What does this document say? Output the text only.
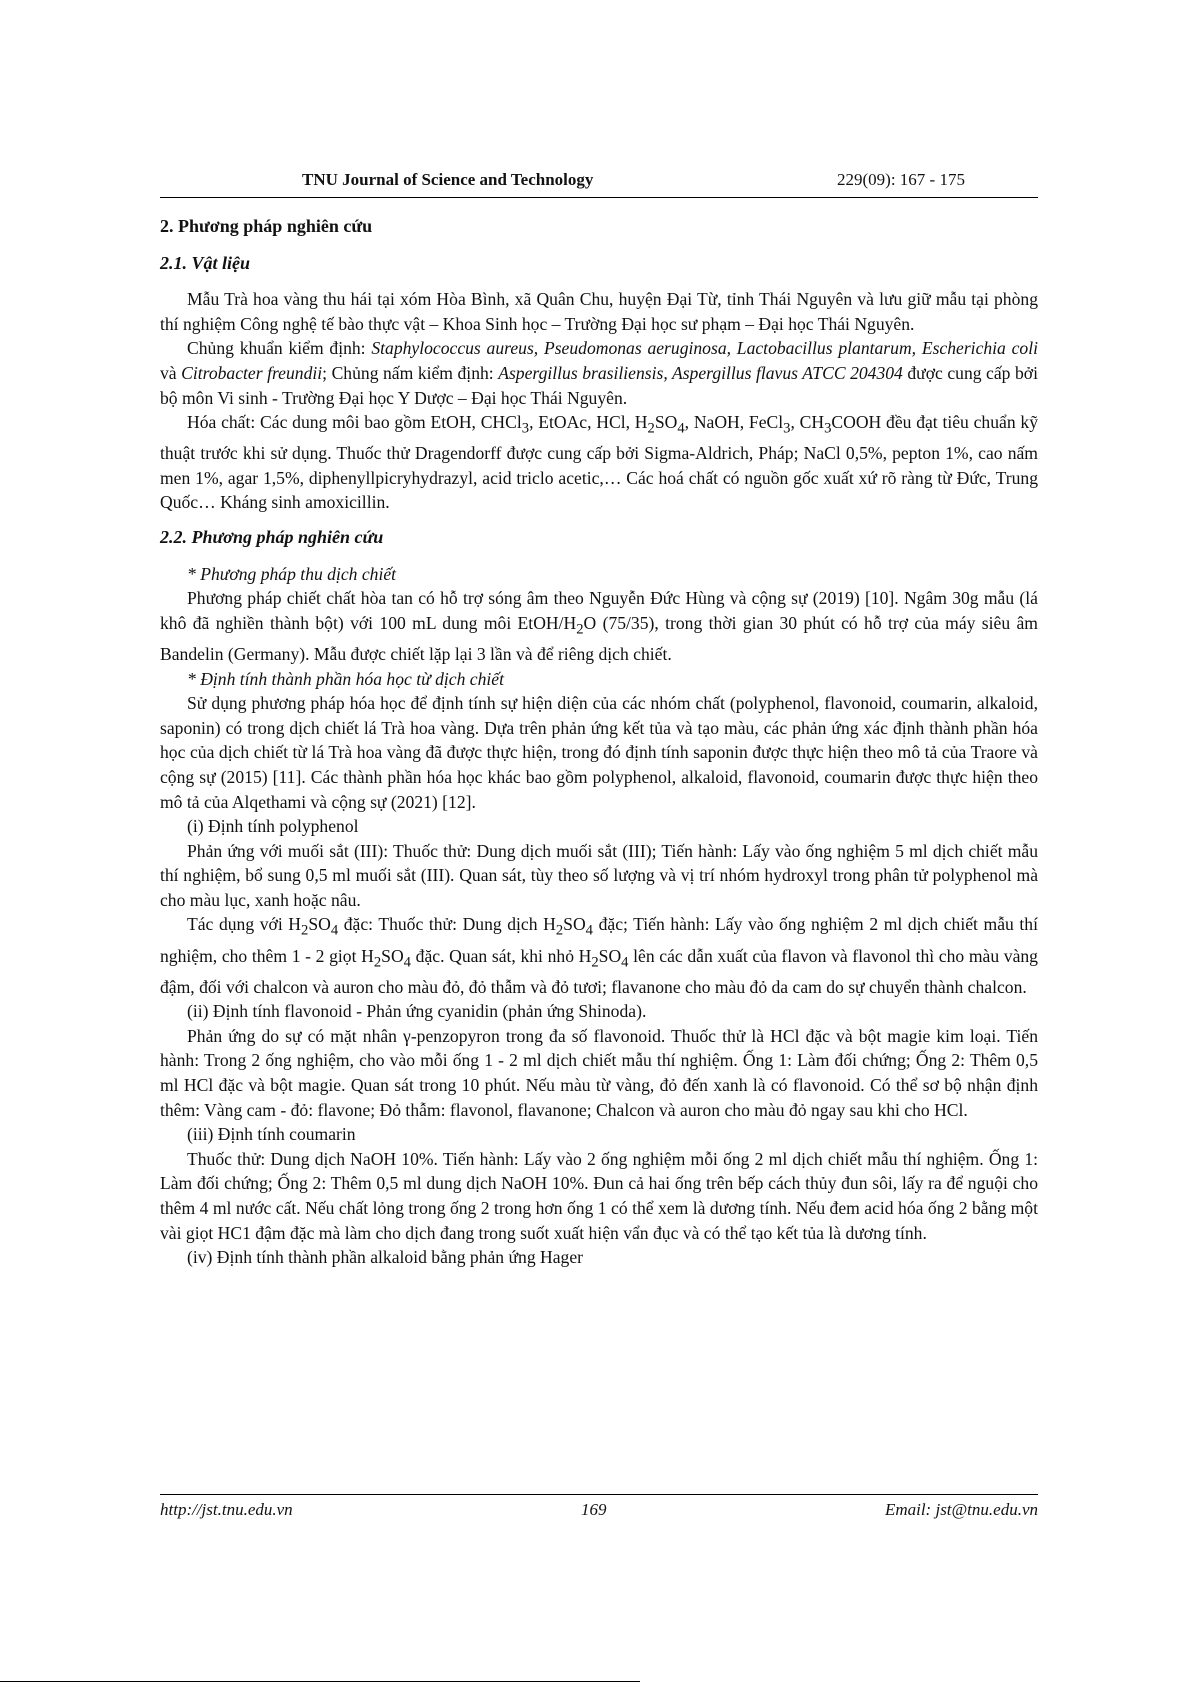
TNU Journal of Science and Technology	229(09): 167 - 175

2. Phương pháp nghiên cứu

2.1. Vật liệu

Mẫu Trà hoa vàng thu hái tại xóm Hòa Bình, xã Quân Chu, huyện Đại Từ, tỉnh Thái Nguyên và lưu giữ mẫu tại phòng thí nghiệm Công nghệ tế bào thực vật – Khoa Sinh học – Trường Đại học sư phạm – Đại học Thái Nguyên.

Chủng khuẩn kiểm định: Staphylococcus aureus, Pseudomonas aeruginosa, Lactobacillus plantarum, Escherichia coli và Citrobacter freundii; Chủng nấm kiểm định: Aspergillus brasiliensis, Aspergillus flavus ATCC 204304 được cung cấp bởi bộ môn Vi sinh - Trường Đại học Y Dược – Đại học Thái Nguyên.

Hóa chất: Các dung môi bao gồm EtOH, CHCl$_3$, EtOAc, HCl, $H_2SO_4$, NaOH, FeCl$_3$, $CH_3COOH$ đều đạt tiêu chuẩn kỹ thuật trước khi sử dụng. Thuốc thử Dragendorff được cung cấp bởi Sigma-Aldrich, Pháp; NaCl 0,5%, pepton 1%, cao nấm men 1%, agar 1,5%, diphenyllpicryhydrazyl, acid triclo acetic,… Các hoá chất có nguồn gốc xuất xứ rõ ràng từ Đức, Trung Quốc… Kháng sinh amoxicillin.

2.2. Phương pháp nghiên cứu

* Phương pháp thu dịch chiết

Phương pháp chiết chất hòa tan có hỗ trợ sóng âm theo Nguyễn Đức Hùng và cộng sự (2019) [10]. Ngâm 30g mẫu (lá khô đã nghiền thành bột) với 100 mL dung môi EtOH/$H_2O$ (75/35), trong thời gian 30 phút có hỗ trợ của máy siêu âm Bandelin (Germany). Mẫu được chiết lặp lại 3 lần và để riêng dịch chiết.

* Định tính thành phần hóa học từ dịch chiết

Sử dụng phương pháp hóa học để định tính sự hiện diện của các nhóm chất (polyphenol, flavonoid, coumarin, alkaloid, saponin) có trong dịch chiết lá Trà hoa vàng. Dựa trên phản ứng kết tủa và tạo màu, các phản ứng xác định thành phần hóa học của dịch chiết từ lá Trà hoa vàng đã được thực hiện, trong đó định tính saponin được thực hiện theo mô tả của Traore và cộng sự (2015) [11]. Các thành phần hóa học khác bao gồm polyphenol, alkaloid, flavonoid, coumarin được thực hiện theo mô tả của Alqethami và cộng sự (2021) [12].

(i) Định tính polyphenol

Phản ứng với muối sắt (III): Thuốc thử: Dung dịch muối sắt (III); Tiến hành: Lấy vào ống nghiệm 5 ml dịch chiết mẫu thí nghiệm, bổ sung 0,5 ml muối sắt (III). Quan sát, tùy theo số lượng và vị trí nhóm hydroxyl trong phân tử polyphenol mà cho màu lục, xanh hoặc nâu.

Tác dụng với $H_2SO_4$ đặc: Thuốc thử: Dung dịch $H_2SO_4$ đặc; Tiến hành: Lấy vào ống nghiệm 2 ml dịch chiết mẫu thí nghiệm, cho thêm 1 - 2 giọt $H_2SO_4$ đặc. Quan sát, khi nhỏ $H_2SO_4$ lên các dẫn xuất của flavon và flavonol thì cho màu vàng đậm, đối với chalcon và auron cho màu đỏ, đỏ thẫm và đỏ tươi; flavanone cho màu đỏ da cam do sự chuyển thành chalcon.

(ii) Định tính flavonoid - Phản ứng cyanidin (phản ứng Shinoda).

Phản ứng do sự có mặt nhân γ-penzopyron trong đa số flavonoid. Thuốc thử là HCl đặc và bột magie kim loại. Tiến hành: Trong 2 ống nghiệm, cho vào mỗi ống 1 - 2 ml dịch chiết mẫu thí nghiệm. Ống 1: Làm đối chứng; Ống 2: Thêm 0,5 ml HCl đặc và bột magie. Quan sát trong 10 phút. Nếu màu từ vàng, đỏ đến xanh là có flavonoid. Có thể sơ bộ nhận định thêm: Vàng cam - đỏ: flavone; Đỏ thẫm: flavonol, flavanone; Chalcon và auron cho màu đỏ ngay sau khi cho HCl.

(iii) Định tính coumarin

Thuốc thử: Dung dịch NaOH 10%. Tiến hành: Lấy vào 2 ống nghiệm mỗi ống 2 ml dịch chiết mẫu thí nghiệm. Ống 1: Làm đối chứng; Ống 2: Thêm 0,5 ml dung dịch NaOH 10%. Đun cả hai ống trên bếp cách thủy đun sôi, lấy ra để nguội cho thêm 4 ml nước cất. Nếu chất lỏng trong ống 2 trong hơn ống 1 có thể xem là dương tính. Nếu đem acid hóa ống 2 bằng một vài giọt HC1 đậm đặc mà làm cho dịch đang trong suốt xuất hiện vẩn đục và có thể tạo kết tủa là dương tính.

(iv) Định tính thành phần alkaloid bằng phản ứng Hager

http://jst.tnu.edu.vn	169	Email: jst@tnu.edu.vn
